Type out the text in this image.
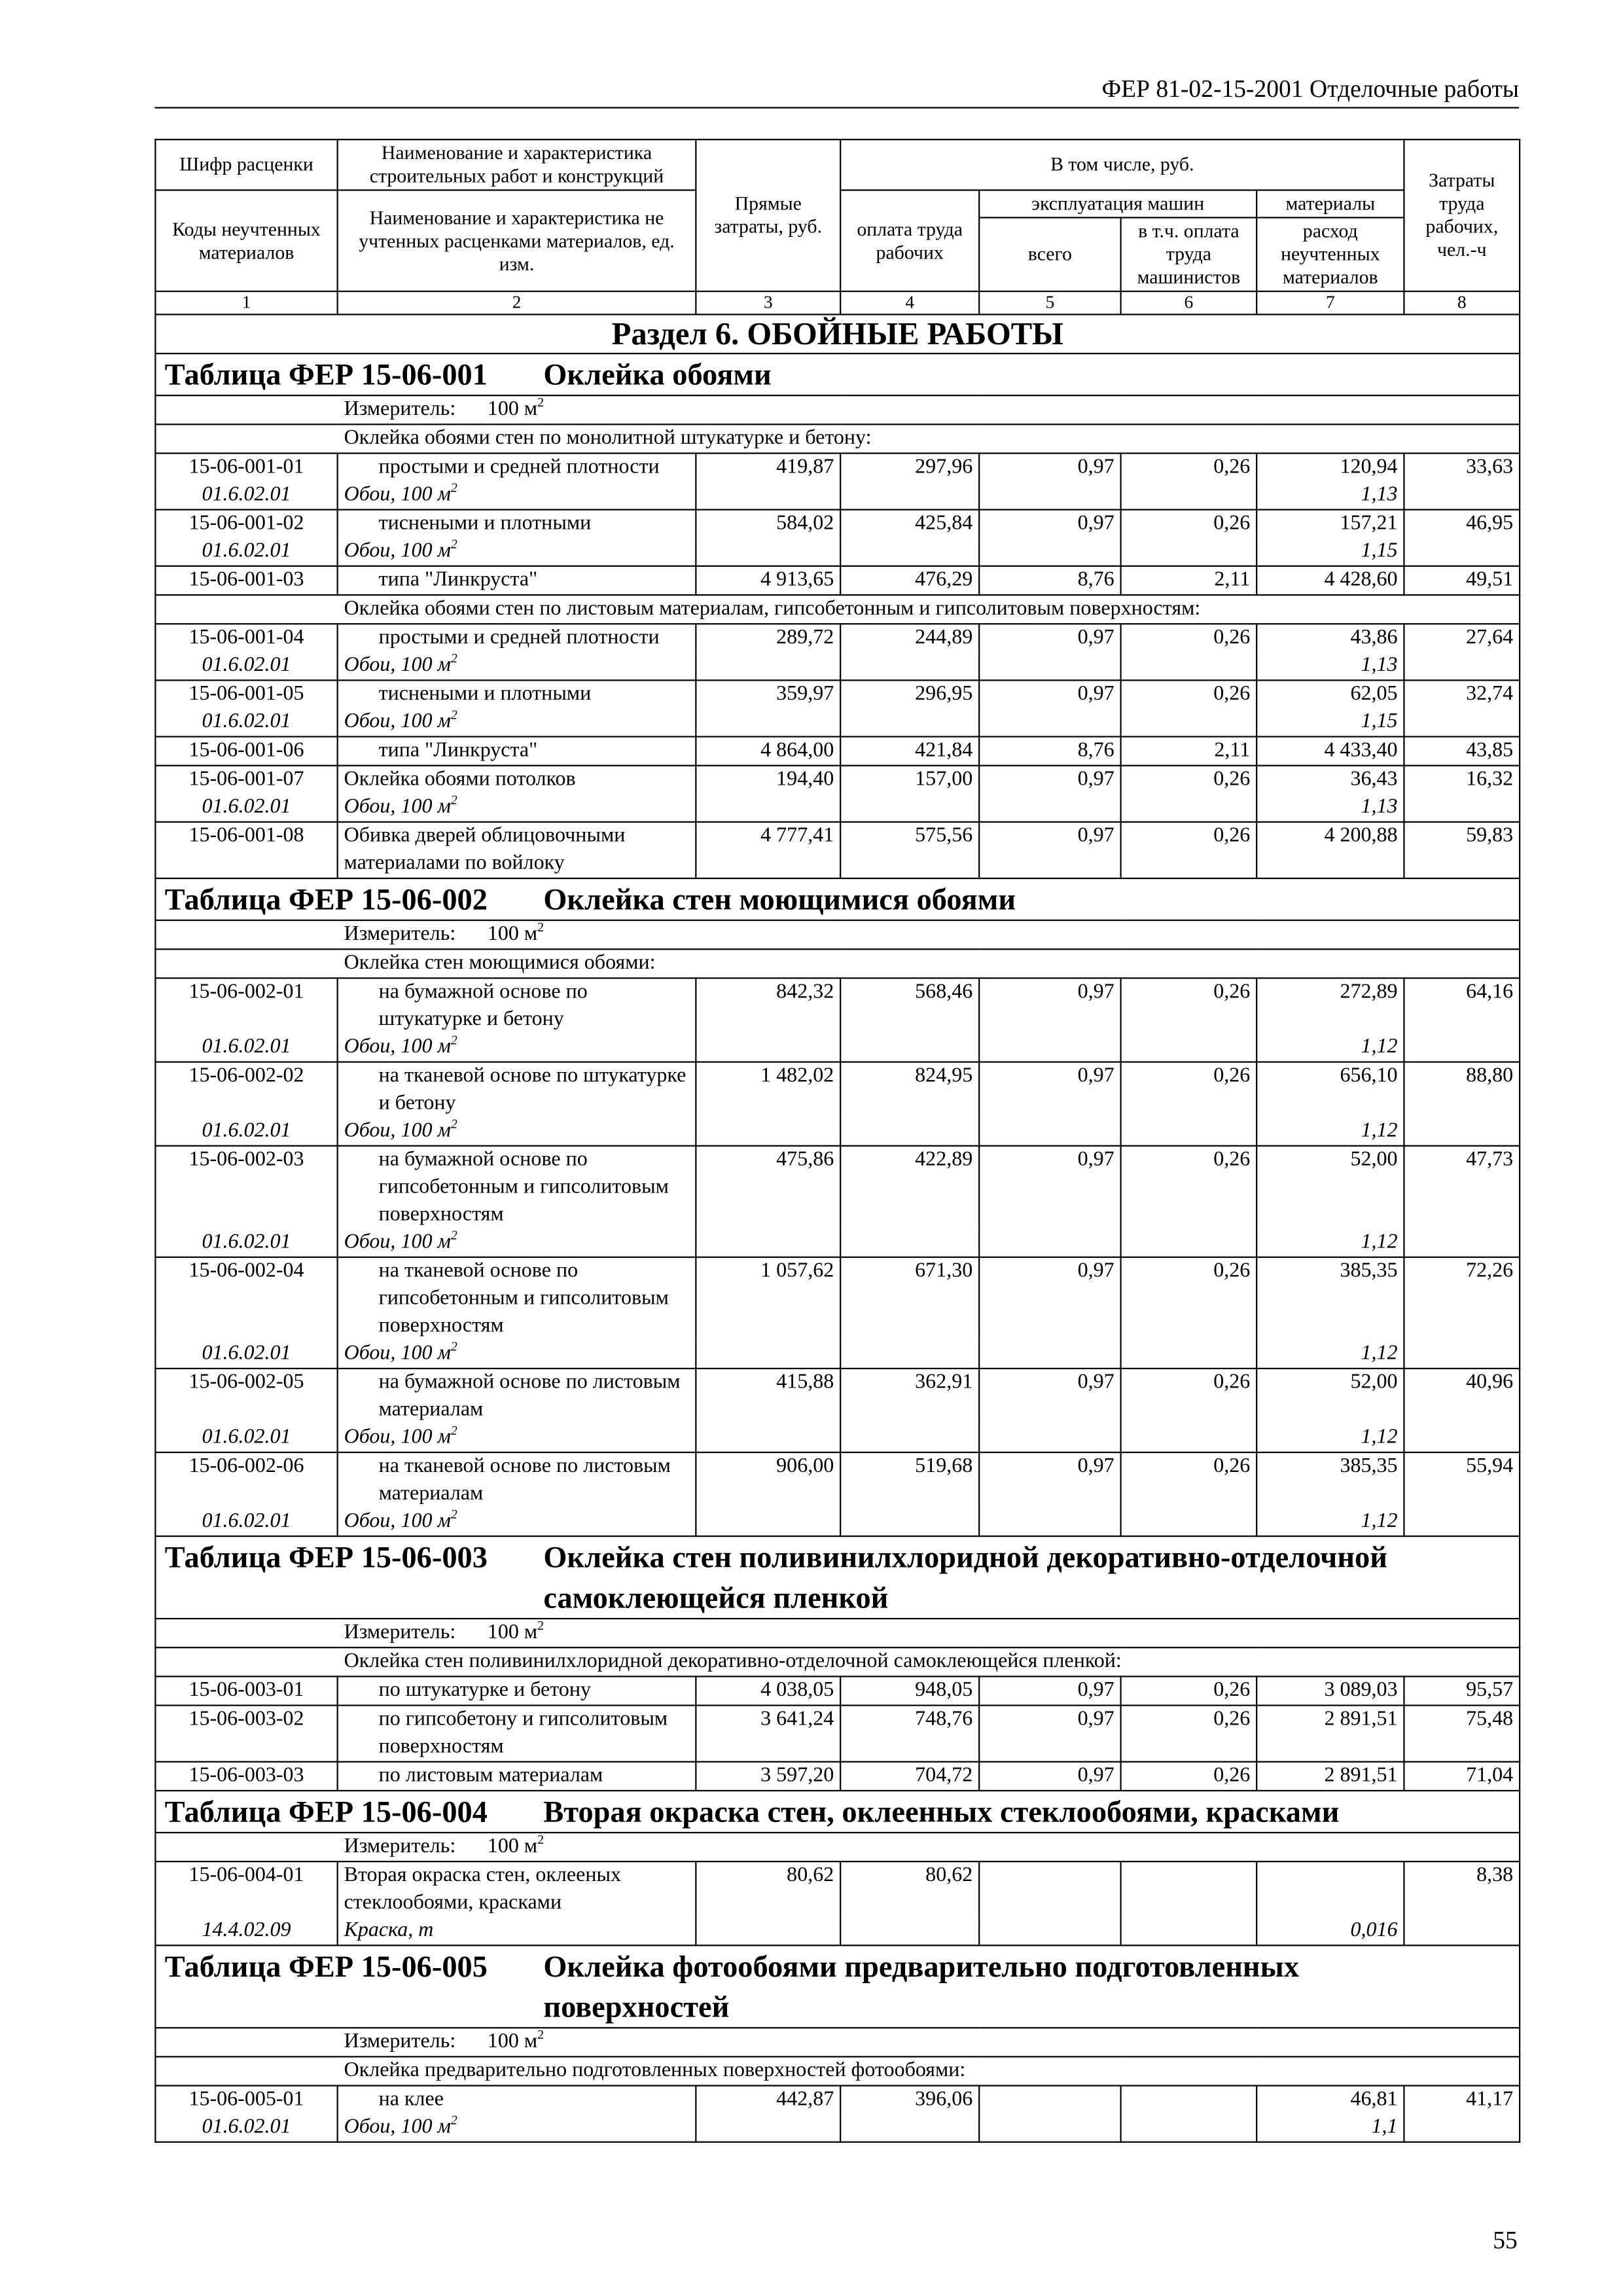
ФЕР 81-02-15-2001 Отделочные работы
Шифр расценки	Наименование и характеристика строительных работ и конструкций	Прямые затраты, руб.	В том числе, руб.				Затраты труда рабочих, чел.-ч

Коды неучтенных материалов	Наименование и характеристика не учтенных расценками материалов, ед. изм.		оплата труда рабочих	эксплуатация машин		материалы	
				всего	в т.ч. оплата труда машинистов	расход неучтенных материалов	
1	2	3	4	5	6	7	8
Раздел 6. ОБОЙНЫЕ РАБОТЫ							
Таблица ФЕР 15-06-001 Оклейка обоями							
Измеритель: 100 $м^2$
Оклейка обоями стен по монолитной штукатурке и бетону:							
15-06-001-01	простыми и средней плотности	419,87	297,96	0,97	0,26	120,94	33,63
01.6.02.01	Обои, 100 $м^2$					1,13	
15-06-001-02	тиснеными и плотными	584,02	425,84	0,97	0,26	157,21	46,95
01.6.02.01	Обои, 100 $м^2$					1,15	
15-06-001-03	типа "Линкруста"	4 913,65	476,29	8,76	2,11	4 428,60	49,51
Оклейка обоями стен по листовым материалам, гипсобетонным и гипсолитовым поверхностям:							
15-06-001-04	простыми и средней плотности	289,72	244,89	0,97	0,26	43,86	27,64
01.6.02.01	Обои, 100 $м^2$					1,13	
15-06-001-05	тиснеными и плотными	359,97	296,95	0,97	0,26	62,05	32,74
01.6.02.01	Обои, 100 $м^2$					1,15	
15-06-001-06	типа "Линкруста"	4 864,00	421,84	8,76	2,11	4 433,40	43,85
15-06-001-07	Оклейка обоями потолков	194,40	157,00	0,97	0,26	36,43	16,32
01.6.02.01	Обои, 100 $м^2$					1,13	
15-06-001-08	Обивка дверей облицовочными материалами по войлоку	4 777,41	575,56	0,97	0,26	4 200,88	59,83
Таблица ФЕР 15-06-002 Оклейка стен моющимися обоями							
Измеритель: 100 $м^2$
Оклейка стен моющимися обоями:							
15-06-002-01	на бумажной основе по штукатурке и бетону	842,32	568,46	0,97	0,26	272,89	64,16
01.6.02.01	Обои, 100 $м^2$					1,12	
15-06-002-02	на тканевой основе по штукатурке и бетону	1 482,02	824,95	0,97	0,26	656,10	88,80
01.6.02.01	Обои, 100 $м^2$					1,12	
15-06-002-03	на бумажной основе по гипсобетонным и гипсолитовым поверхностям	475,86	422,89	0,97	0,26	52,00	47,73
01.6.02.01	Обои, 100 $м^2$					1,12	
15-06-002-04	на тканевой основе по гипсобетонным и гипсолитовым поверхностям	1 057,62	671,30	0,97	0,26	385,35	72,26
01.6.02.01	Обои, 100 $м^2$					1,12	
15-06-002-05	на бумажной основе по листовым материалам	415,88	362,91	0,97	0,26	52,00	40,96
01.6.02.01	Обои, 100 $м^2$					1,12	
15-06-002-06	на тканевой основе по листовым материалам	906,00	519,68	0,97	0,26	385,35	55,94
01.6.02.01	Обои, 100 $м^2$					1,12	
Таблица ФЕР 15-06-003 Оклейка стен поливинилхлоридной декоративно-отделочной самоклеющейся пленкой							
Измеритель: 100 $м^2$
Оклейка стен поливинилхлоридной декоративно-отделочной самоклеющейся пленкой:							
15-06-003-01	по штукатурке и бетону	4 038,05	948,05	0,97	0,26	3 089,03	95,57
15-06-003-02	по гипсобетону и гипсолитовым поверхностям	3 641,24	748,76	0,97	0,26	2 891,51	75,48
15-06-003-03	по листовым материалам	3 597,20	704,72	0,97	0,26	2 891,51	71,04
Таблица ФЕР 15-06-004 Вторая окраска стен, оклеенных стеклообоями, красками							
Измеритель: 100 $м^2$
15-06-004-01	Вторая окраска стен, оклееных стеклообоями, красками	80,62	80,62				8,38
14.4.02.09	Краска, т					0,016	
Таблица ФЕР 15-06-005 Оклейка фотообоями предварительно подготовленных поверхностей							
Измеритель: 100 $м^2$
Оклейка предварительно подготовленных поверхностей фотообоями:							
15-06-005-01	на клее	442,87	396,06			46,81	41,17
01.6.02.01	Обои, 100 $м^2$					1,1	
55
